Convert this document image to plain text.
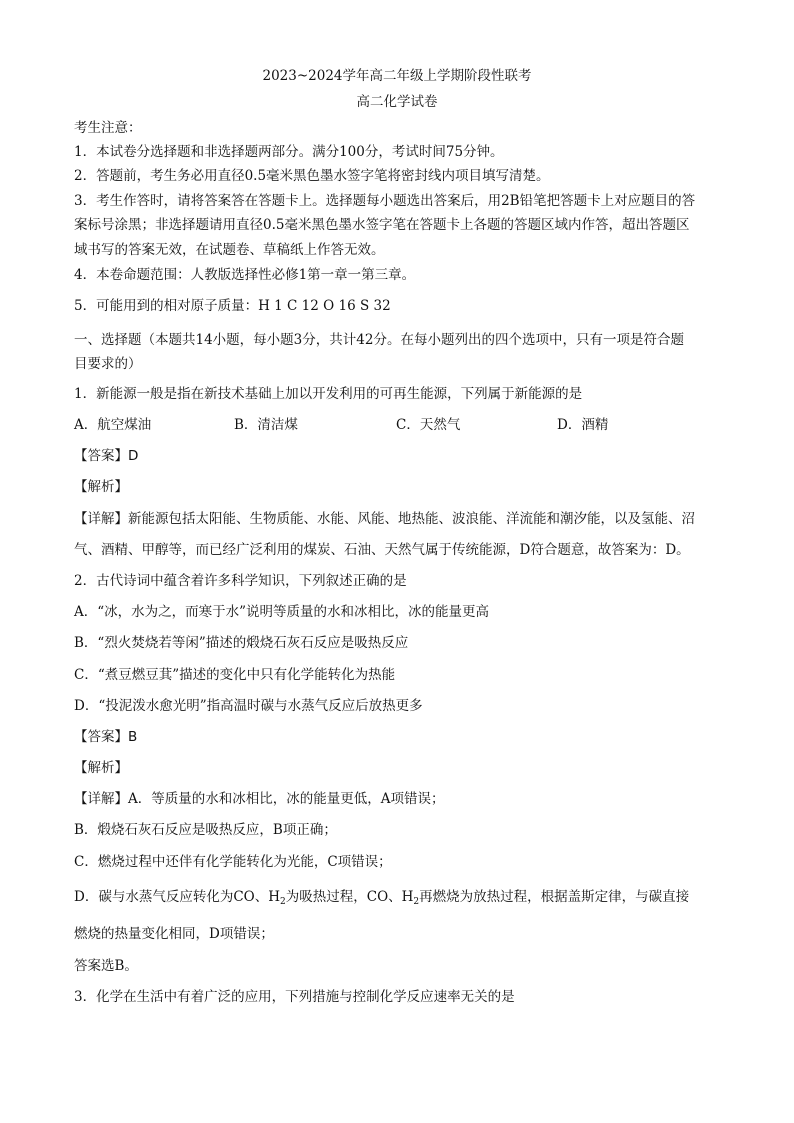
2023~2024学年高二年级上学期阶段性联考
高二化学试卷
考生注意：
1．本试卷分选择题和非选择题两部分。满分100分，考试时间75分钟。
2．答题前，考生务必用直径0.5毫米黑色墨水签字笔将密封线内项目填写清楚。
3．考生作答时，请将答案答在答题卡上。选择题每小题选出答案后，用2B铅笔把答题卡上对应题目的答
案标号涂黑；非选择题请用直径0.5毫米黑色墨水签字笔在答题卡上各题的答题区域内作答，超出答题区
域书写的答案无效，在试题卷、草稿纸上作答无效。
4．本卷命题范围：人教版选择性必修1第一章一第三章。
5．可能用到的相对原子质量：H 1 C 12 O 16 S 32
一、选择题（本题共14小题，每小题3分，共计42分。在每小题列出的四个选项中，只有一项是符合题
目要求的）
1．新能源一般是指在新技术基础上加以开发利用的可再生能源，下列属于新能源的是
A．航空煤油	B．清洁煤	C．天然气	D．酒精
【答案】D
【解析】
【详解】新能源包括太阳能、生物质能、水能、风能、地热能、波浪能、洋流能和潮汐能，以及氢能、沼
气、酒精、甲醇等，而已经广泛利用的煤炭、石油、天然气属于传统能源，D符合题意，故答案为：D。
2．古代诗词中蕴含着许多科学知识，下列叙述正确的是
A．“冰，水为之，而寒于水”说明等质量的水和冰相比，冰的能量更高
B．“烈火焚烧若等闲”描述的煅烧石灰石反应是吸热反应
C．“煮豆燃豆萁”描述的变化中只有化学能转化为热能
D．“投泥泼水愈光明”指高温时碳与水蒸气反应后放热更多
【答案】B
【解析】
【详解】A．等质量的水和冰相比，冰的能量更低，A项错误；
B．煅烧石灰石反应是吸热反应，B项正确；
C．燃烧过程中还伴有化学能转化为光能，C项错误；
D．碳与水蒸气反应转化为CO、$H_2$为吸热过程，CO、$H_2$再燃烧为放热过程，根据盖斯定律，与碳直接
燃烧的热量变化相同，D项错误；
答案选B。
3．化学在生活中有着广泛的应用，下列措施与控制化学反应速率无关的是
